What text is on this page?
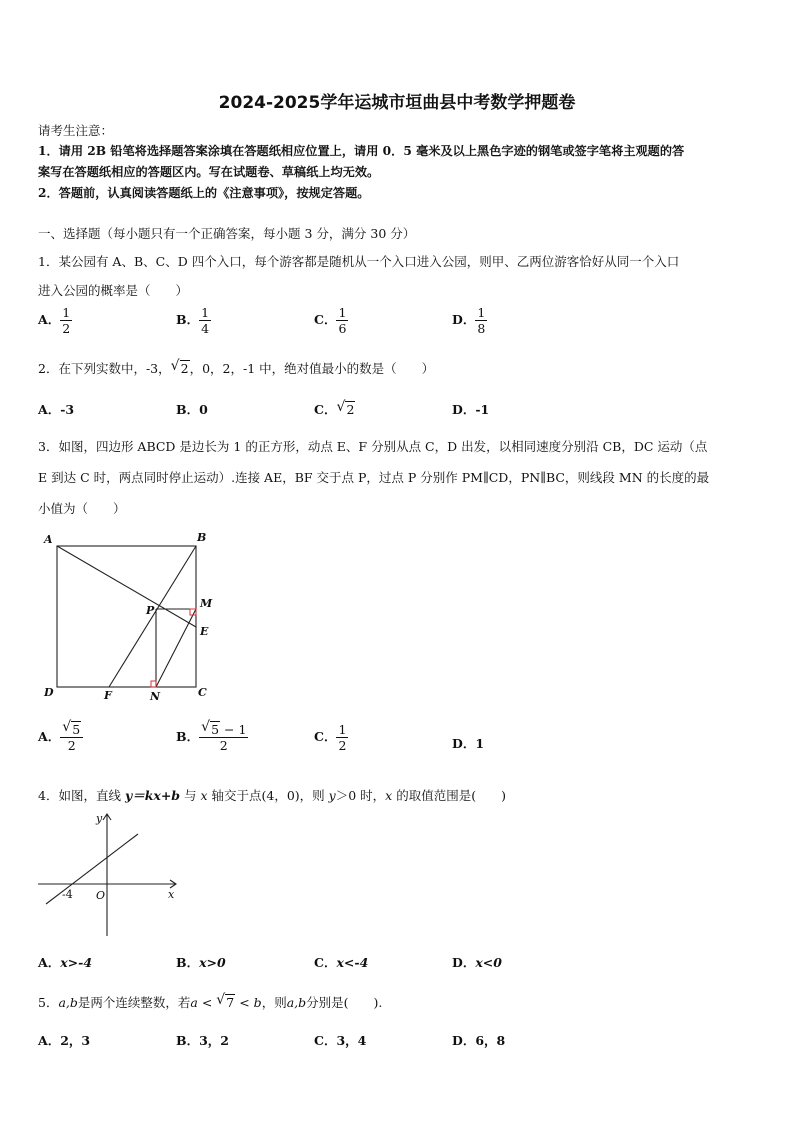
2024-2025学年运城市垣曲县中考数学押题卷
请考生注意：
1．请用 2B 铅笔将选择题答案涂填在答题纸相应位置上，请用 0．5 毫米及以上黑色字迹的钢笔或签字笔将主观题的答
案写在答题纸相应的答题区内。写在试题卷、草稿纸上均无效。
2．答题前，认真阅读答题纸上的《注意事项》，按规定答题。
一、选择题（每小题只有一个正确答案，每小题 3 分，满分 30 分）
1．某公园有 A、B、C、D 四个入口，每个游客都是随机从一个入口进入公园，则甲、乙两位游客恰好从同一个入口
进入公园的概率是（　　）
A． $\frac{1}{2}$	B． $\frac{1}{4}$	C． $\frac{1}{6}$	D． $\frac{1}{8}$
2．在下列实数中，-3， √ 2，0，2，-1 中，绝对值最小的数是（　　）
A．-3	B．0	C． √ 2	D．-1
3．如图，四边形 ABCD 是边长为 1 的正方形，动点 E、F 分别从点 C，D 出发，以相同速度分别沿 CB，DC 运动（点
E 到达 C 时，两点同时停止运动）.连接 AE，BF 交于点 P，过点 P 分别作 PM∥CD，PN∥BC，则线段 MN 的长度的最
小值为（　　）
A	B
P
M
E
D	F	N	C
A． $\frac{√ 5}{2}$	B． $\frac{√ 5 - 1}{2}$	C． $\frac{1}{2}$	D．1
4．如图，直线 y＝kx+b 与 x 轴交于点(4，0)，则 y＞0 时，x 的取值范围是(　　)
y
x
O
-4
A．x>-4	B．x>0	C．x<-4	D．x<0
5．a,b是两个连续整数，若a < √ 7 < b，则a,b分别是(　　).
A．2，3	B．3，2	C．3，4	D．6，8
